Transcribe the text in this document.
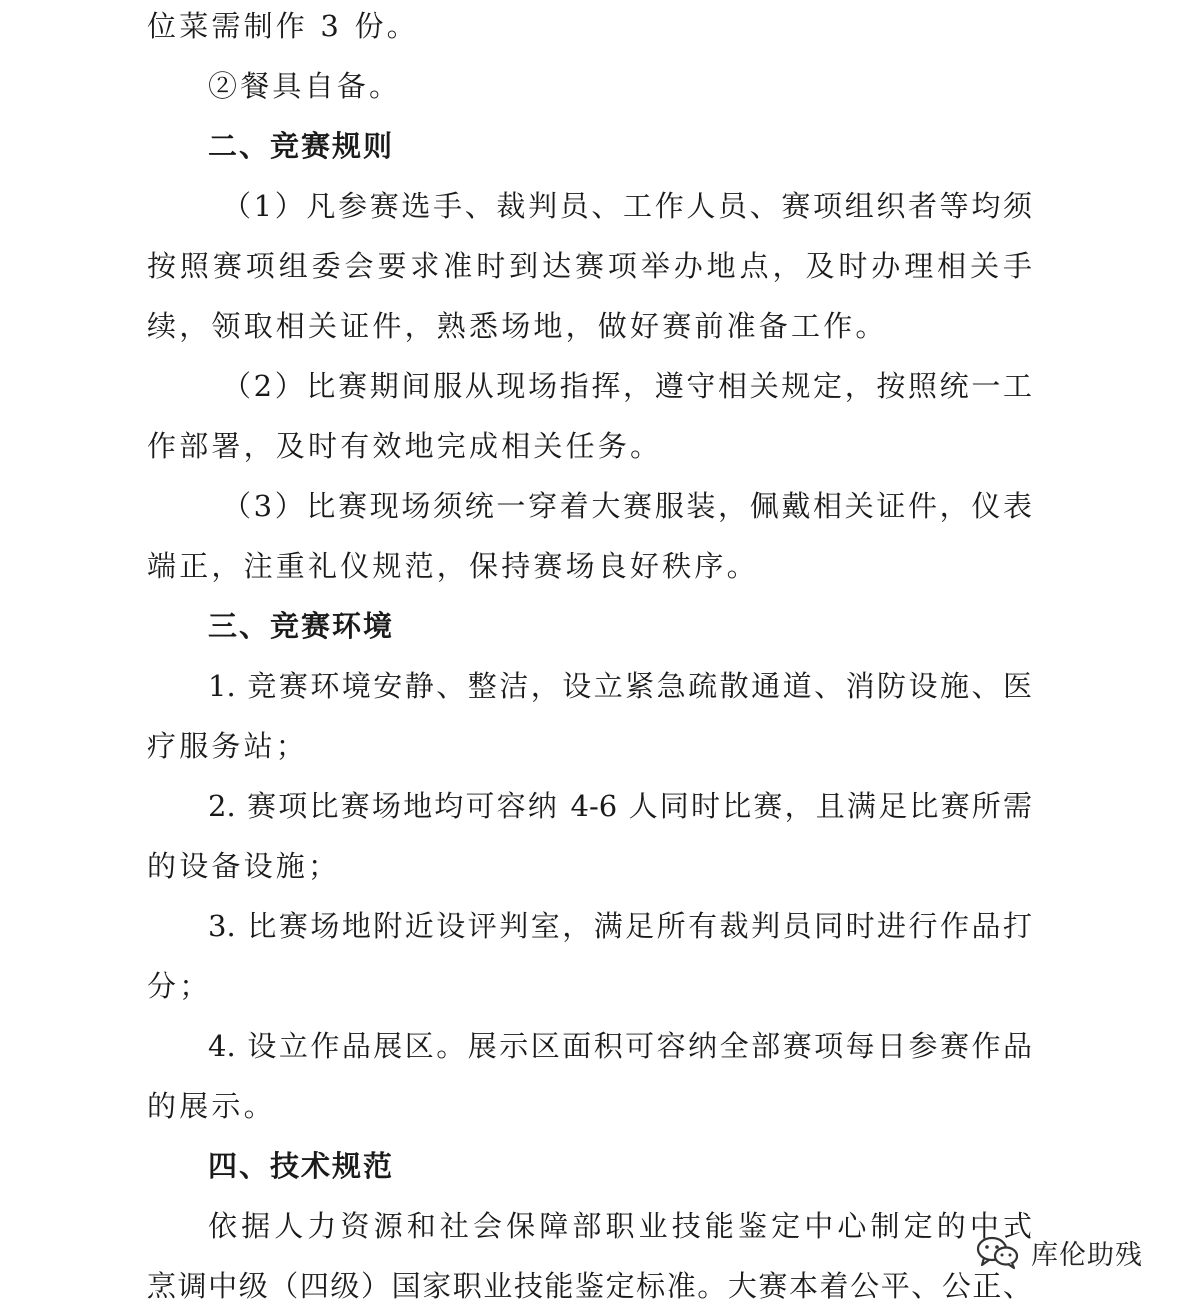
位菜需制作 3 份。
②餐具自备。
二、竞赛规则
（1）凡参赛选手、裁判员、工作人员、赛项组织者等均须
按照赛项组委会要求准时到达赛项举办地点，及时办理相关手
续，领取相关证件，熟悉场地，做好赛前准备工作。
（2）比赛期间服从现场指挥，遵守相关规定，按照统一工
作部署，及时有效地完成相关任务。
（3）比赛现场须统一穿着大赛服装，佩戴相关证件，仪表
端正，注重礼仪规范，保持赛场良好秩序。
三、竞赛环境
1. 竞赛环境安静、整洁，设立紧急疏散通道、消防设施、医
疗服务站；
2. 赛项比赛场地均可容纳 4-6 人同时比赛，且满足比赛所需
的设备设施；
3. 比赛场地附近设评判室，满足所有裁判员同时进行作品打
分；
4. 设立作品展区。展示区面积可容纳全部赛项每日参赛作品
的展示。
四、技术规范
依据人力资源和社会保障部职业技能鉴定中心制定的中式
烹调中级（四级）国家职业技能鉴定标准。大赛本着公平、公正、
库伦助残
